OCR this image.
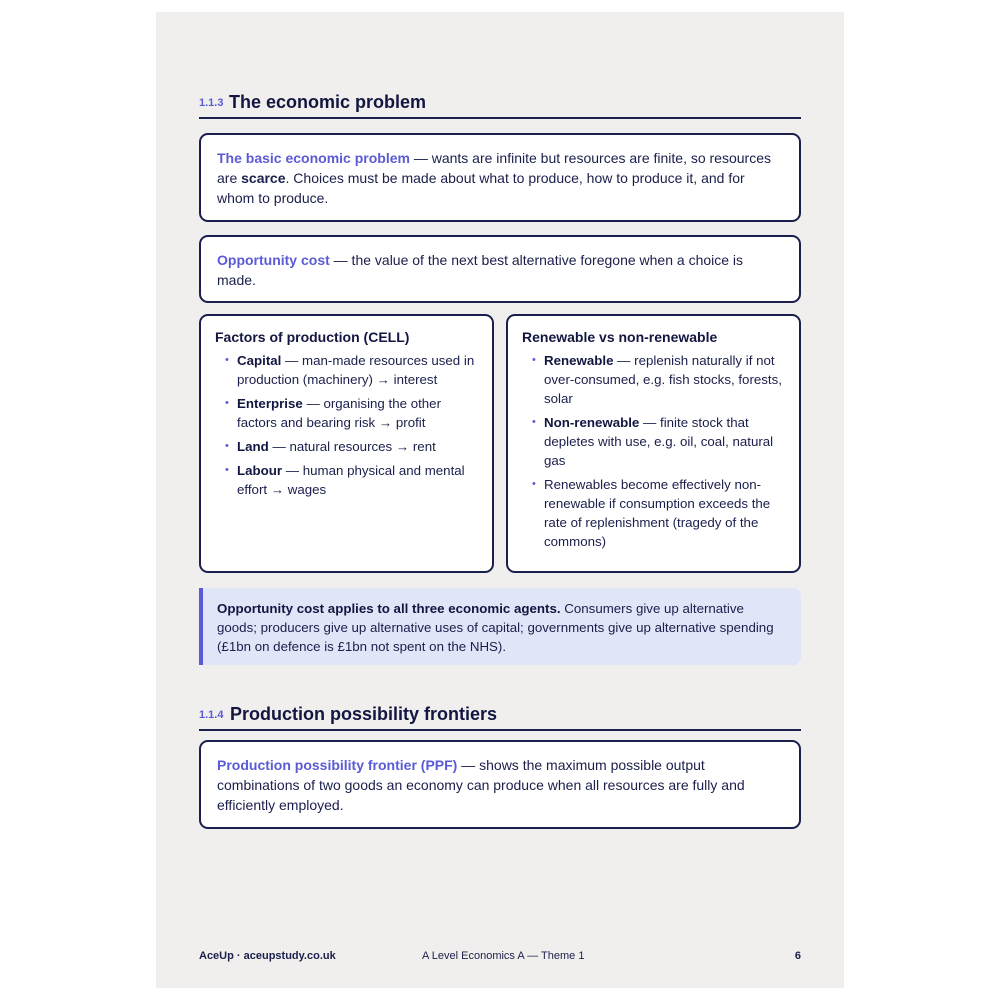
1.1.3 The economic problem
The basic economic problem — wants are infinite but resources are finite, so resources are scarce. Choices must be made about what to produce, how to produce it, and for whom to produce.
Opportunity cost — the value of the next best alternative foregone when a choice is made.
Factors of production (CELL)
• Capital — man-made resources used in production (machinery) → interest
• Enterprise — organising the other factors and bearing risk → profit
• Land — natural resources → rent
• Labour — human physical and mental effort → wages
Renewable vs non-renewable
• Renewable — replenish naturally if not over-consumed, e.g. fish stocks, forests, solar
• Non-renewable — finite stock that depletes with use, e.g. oil, coal, natural gas
• Renewables become effectively non-renewable if consumption exceeds the rate of replenishment (tragedy of the commons)
Opportunity cost applies to all three economic agents. Consumers give up alternative goods; producers give up alternative uses of capital; governments give up alternative spending (£1bn on defence is £1bn not spent on the NHS).
1.1.4 Production possibility frontiers
Production possibility frontier (PPF) — shows the maximum possible output combinations of two goods an economy can produce when all resources are fully and efficiently employed.
AceUp · aceupstudy.co.uk	A Level Economics A — Theme 1	6
